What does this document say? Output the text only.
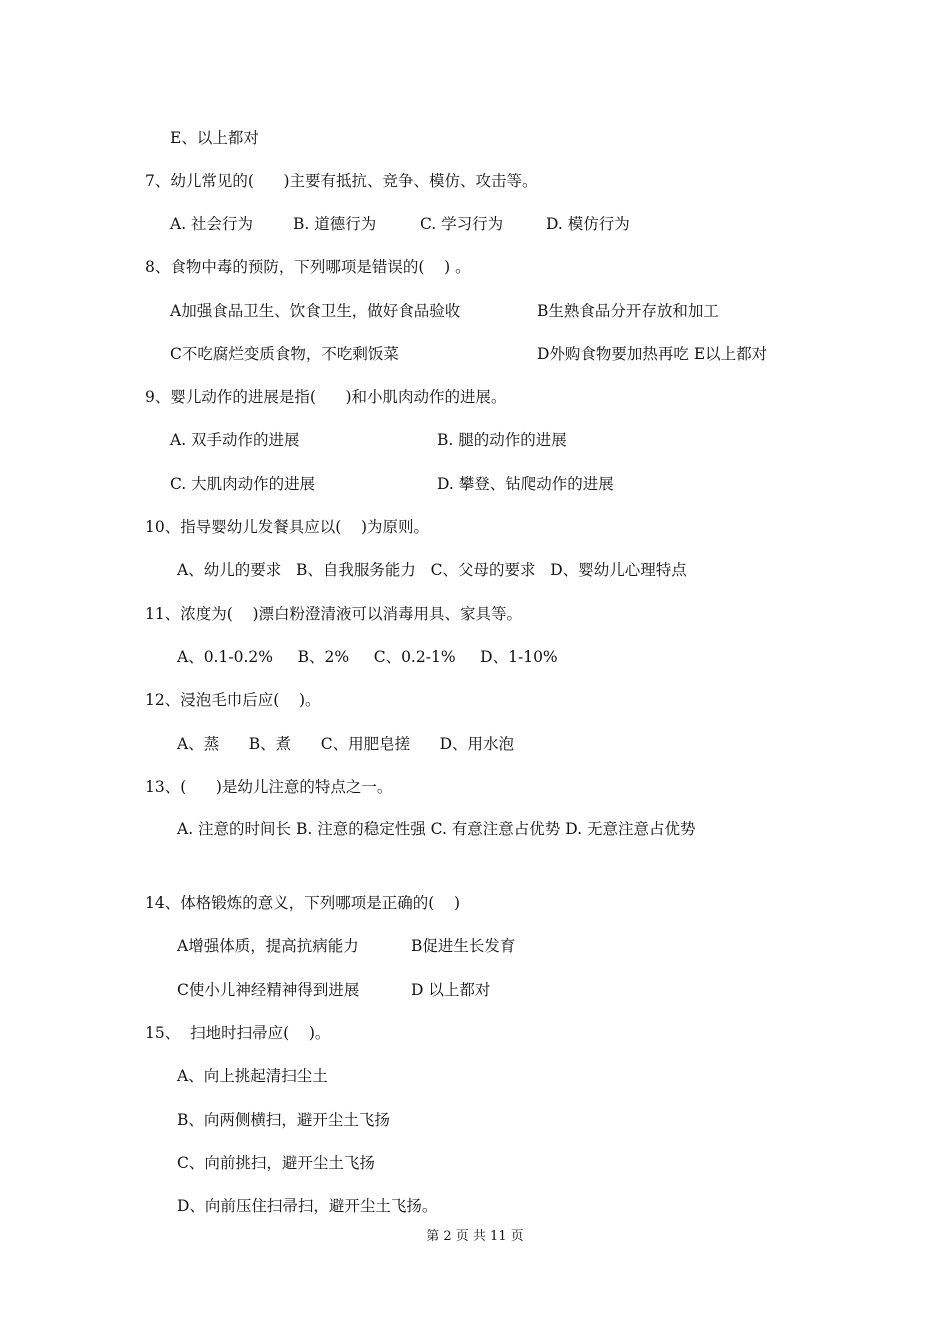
E、以上都对
7、幼儿常见的(      )主要有抵抗、竞争、模仿、攻击等。
A. 社会行为	B. 道德行为	C. 学习行为	D. 模仿行为
8、食物中毒的预防，下列哪项是错误的(    ) 。
A加强食品卫生、饮食卫生，做好食品验收	B生熟食品分开存放和加工
C不吃腐烂变质食物，不吃剩饭菜	D外购食物要加热再吃 E以上都对
9、婴儿动作的进展是指(      )和小肌肉动作的进展。
A. 双手动作的进展	B. 腿的动作的进展
C. 大肌肉动作的进展	D. 攀登、钻爬动作的进展
10、指导婴幼儿发餐具应以(    )为原则。
A、幼儿的要求   B、自我服务能力   C、父母的要求   D、婴幼儿心理特点
11、浓度为(    )漂白粉澄清液可以消毒用具、家具等。
A、0.1-0.2%     B、2%     C、0.2-1%     D、1-10%
12、浸泡毛巾后应(    )。
A、蒸      B、煮      C、用肥皂搓      D、用水泡
13、(      )是幼儿注意的特点之一。
A. 注意的时间长 B. 注意的稳定性强 C. 有意注意占优势 D. 无意注意占优势
14、体格锻炼的意义，下列哪项是正确的(    )
A增强体质，提高抗病能力	B促进生长发育
C使小儿神经精神得到进展	D 以上都对
15、  扫地时扫帚应(    )。
A、向上挑起清扫尘土
B、向两侧横扫，避开尘土飞扬
C、向前挑扫，避开尘土飞扬
D、向前压住扫帚扫，避开尘土飞扬。
第 2 页 共 11 页
